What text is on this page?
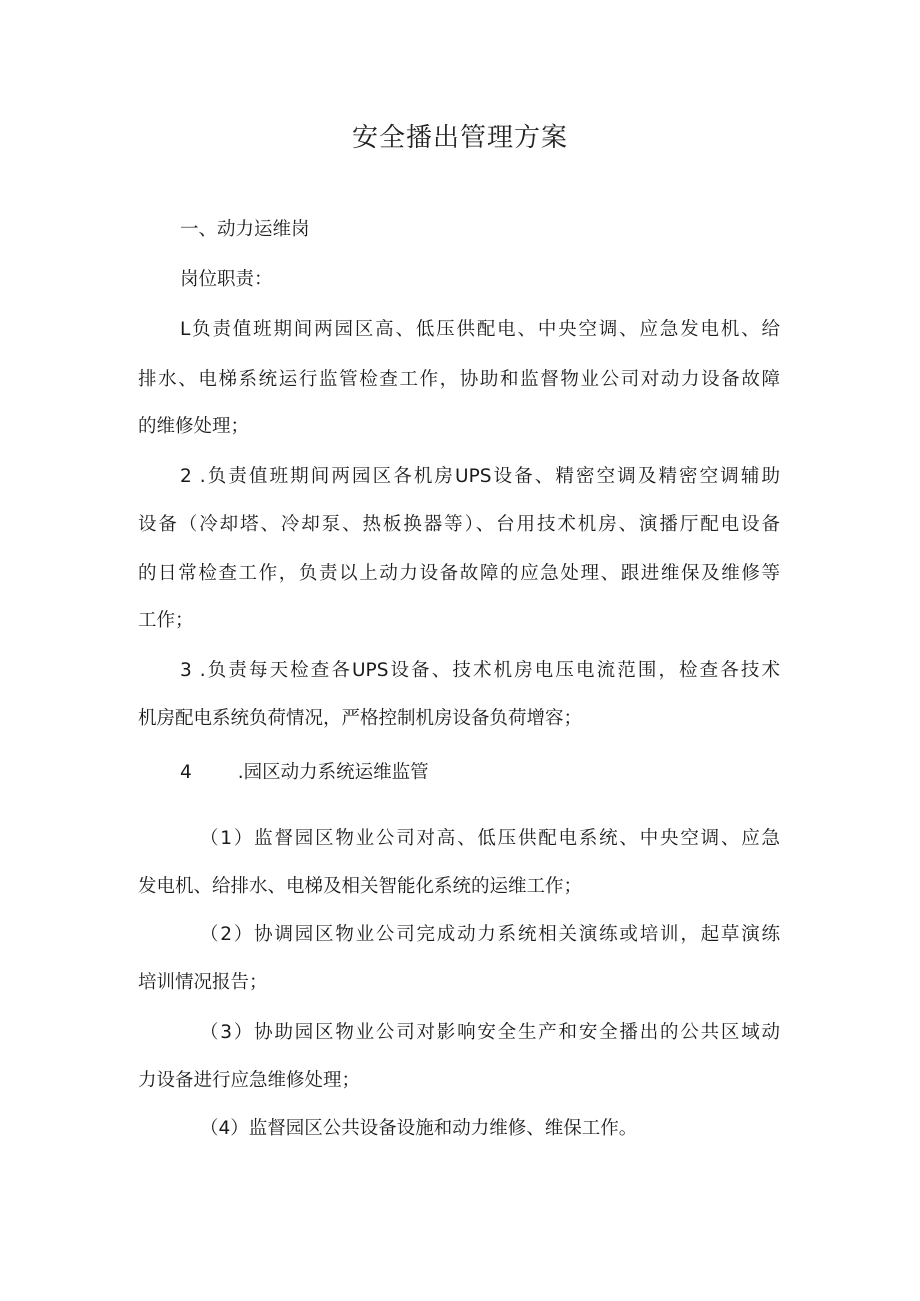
安全播出管理方案
一、动力运维岗
岗位职责：
L负责值班期间两园区高、低压供配电、中央空调、应急发电机、给
排水、电梯系统运行监管检查工作，协助和监督物业公司对动力设备故障
的维修处理；
2 .负责值班期间两园区各机房UPS设备、精密空调及精密空调辅助
设备（冷却塔、冷却泵、热板换器等）、台用技术机房、演播厅配电设备
的日常检查工作，负责以上动力设备故障的应急处理、跟进维保及维修等
工作；
3 .负责每天检查各UPS设备、技术机房电压电流范围，检查各技术
机房配电系统负荷情况，严格控制机房设备负荷增容；
4 .园区动力系统运维监管
（1）监督园区物业公司对高、低压供配电系统、中央空调、应急
发电机、给排水、电梯及相关智能化系统的运维工作；
（2）协调园区物业公司完成动力系统相关演练或培训，起草演练
培训情况报告；
（3）协助园区物业公司对影响安全生产和安全播出的公共区域动
力设备进行应急维修处理；
（4）监督园区公共设备设施和动力维修、维保工作。
